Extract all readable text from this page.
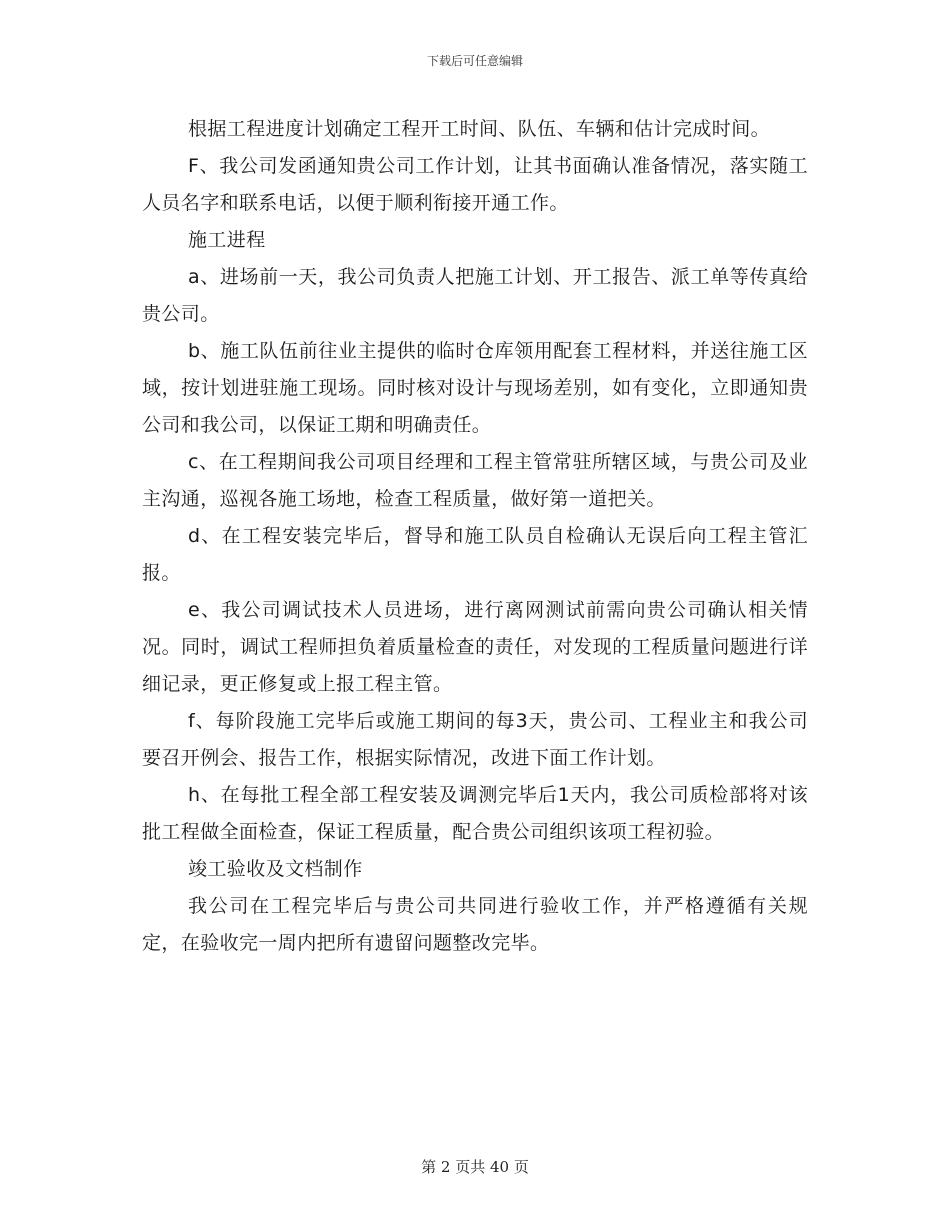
下载后可任意编辑

根据工程进度计划确定工程开工时间、队伍、车辆和估计完成时间。

F、我公司发函通知贵公司工作计划，让其书面确认准备情况，落实随工人员名字和联系电话，以便于顺利衔接开通工作。

施工进程

a、进场前一天，我公司负责人把施工计划、开工报告、派工单等传真给贵公司。

b、施工队伍前往业主提供的临时仓库领用配套工程材料，并送往施工区域，按计划进驻施工现场。同时核对设计与现场差别，如有变化，立即通知贵公司和我公司，以保证工期和明确责任。

c、在工程期间我公司项目经理和工程主管常驻所辖区域，与贵公司及业主沟通，巡视各施工场地，检查工程质量，做好第一道把关。

d、在工程安装完毕后，督导和施工队员自检确认无误后向工程主管汇报。

e、我公司调试技术人员进场，进行离网测试前需向贵公司确认相关情况。同时，调试工程师担负着质量检查的责任，对发现的工程质量问题进行详细记录，更正修复或上报工程主管。

f、每阶段施工完毕后或施工期间的每3天，贵公司、工程业主和我公司要召开例会、报告工作，根据实际情况，改进下面工作计划。

h、在每批工程全部工程安装及调测完毕后1天内，我公司质检部将对该批工程做全面检查，保证工程质量，配合贵公司组织该项工程初验。

竣工验收及文档制作

我公司在工程完毕后与贵公司共同进行验收工作，并严格遵循有关规定，在验收完一周内把所有遗留问题整改完毕。

第 2 页共 40 页
